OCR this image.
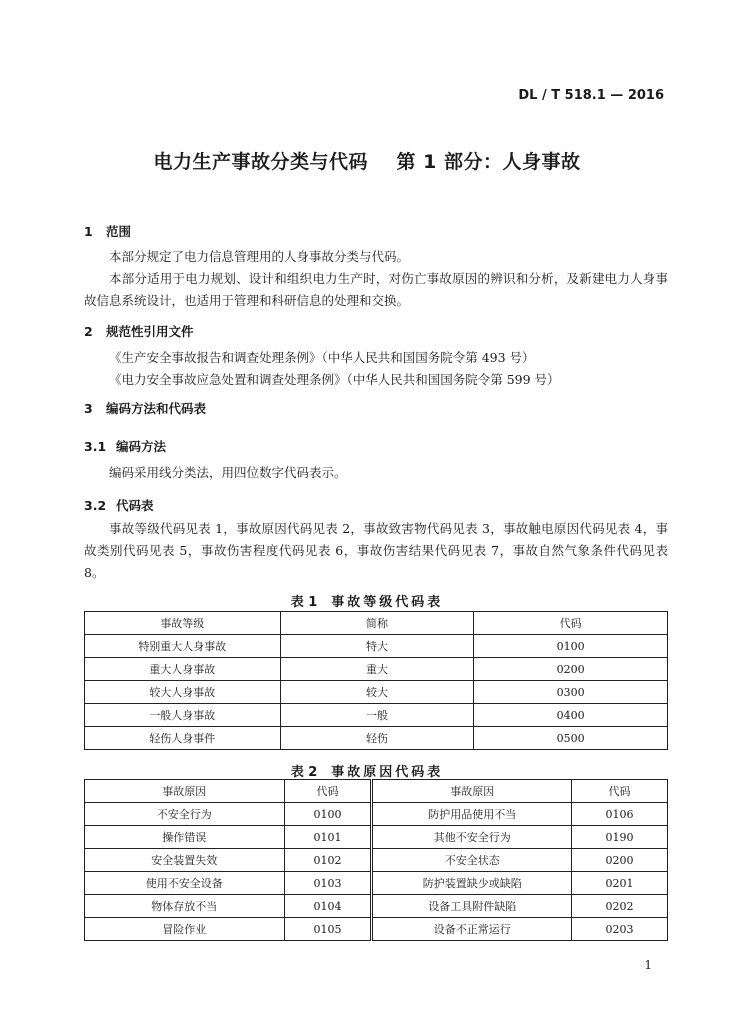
DL / T 518.1 — 2016
电力生产事故分类与代码    第 1 部分：人身事故
1 范围
本部分规定了电力信息管理用的人身事故分类与代码。
本部分适用于电力规划、设计和组织电力生产时，对伤亡事故原因的辨识和分析，及新建电力人身事故信息系统设计，也适用于管理和科研信息的处理和交换。
2 规范性引用文件
《生产安全事故报告和调查处理条例》（中华人民共和国国务院令第 493 号）
《电力安全事故应急处置和调查处理条例》（中华人民共和国国务院令第 599 号）
3 编码方法和代码表
3.1 编码方法
编码采用线分类法，用四位数字代码表示。
3.2 代码表
事故等级代码见表 1，事故原因代码见表 2，事故致害物代码见表 3，事故触电原因代码见表 4，事故类别代码见表 5，事故伤害程度代码见表 6，事故伤害结果代码见表 7，事故自然气象条件代码见表 8。
表 1 事故等级代码表
事故等级	简称	代码
特别重大人身事故	特大	0100
重大人身事故	重大	0200
较大人身事故	较大	0300
一般人身事故	一般	0400
轻伤人身事件	轻伤	0500
表 2 事故原因代码表
事故原因	代码	事故原因	代码
不安全行为	0100	防护用品使用不当	0106
操作错误	0101	其他不安全行为	0190
安全装置失效	0102	不安全状态	0200
使用不安全设备	0103	防护装置缺少或缺陷	0201
物体存放不当	0104	设备工具附件缺陷	0202
冒险作业	0105	设备不正常运行	0203
1
